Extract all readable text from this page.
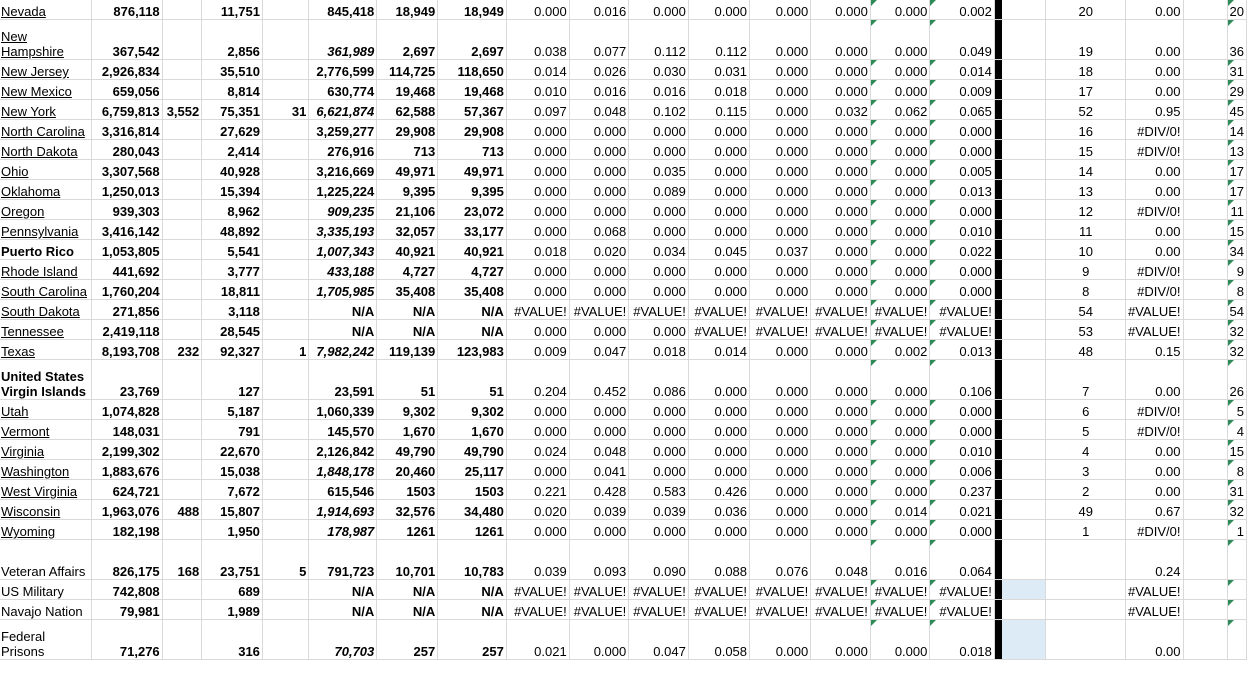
Nevada	876,118		11,751		845,418	18,949	18,949	0.000	0.016	0.000	0.000	0.000	0.000	0.000	0.002			20	0.00		20
New Hampshire	367,542		2,856		361,989	2,697	2,697	0.038	0.077	0.112	0.112	0.000	0.000	0.000	0.049			19	0.00		36
New Jersey	2,926,834		35,510		2,776,599	114,725	118,650	0.014	0.026	0.030	0.031	0.000	0.000	0.000	0.014			18	0.00		31
New Mexico	659,056		8,814		630,774	19,468	19,468	0.010	0.016	0.016	0.018	0.000	0.000	0.000	0.009			17	0.00		29
New York	6,759,813	3,552	75,351	31	6,621,874	62,588	57,367	0.097	0.048	0.102	0.115	0.000	0.032	0.062	0.065			52	0.95		45
North Carolina	3,316,814		27,629		3,259,277	29,908	29,908	0.000	0.000	0.000	0.000	0.000	0.000	0.000	0.000			16	#DIV/0!		14
North Dakota	280,043		2,414		276,916	713	713	0.000	0.000	0.000	0.000	0.000	0.000	0.000	0.000			15	#DIV/0!		13
Ohio	3,307,568		40,928		3,216,669	49,971	49,971	0.000	0.000	0.035	0.000	0.000	0.000	0.000	0.005			14	0.00		17
Oklahoma	1,250,013		15,394		1,225,224	9,395	9,395	0.000	0.000	0.089	0.000	0.000	0.000	0.000	0.013			13	0.00		17
Oregon	939,303		8,962		909,235	21,106	23,072	0.000	0.000	0.000	0.000	0.000	0.000	0.000	0.000			12	#DIV/0!		11
Pennsylvania	3,416,142		48,892		3,335,193	32,057	33,177	0.000	0.068	0.000	0.000	0.000	0.000	0.000	0.010			11	0.00		15
Puerto Rico	1,053,805		5,541		1,007,343	40,921	40,921	0.018	0.020	0.034	0.045	0.037	0.000	0.000	0.022			10	0.00		34
Rhode Island	441,692		3,777		433,188	4,727	4,727	0.000	0.000	0.000	0.000	0.000	0.000	0.000	0.000			9	#DIV/0!		9
South Carolina	1,760,204		18,811		1,705,985	35,408	35,408	0.000	0.000	0.000	0.000	0.000	0.000	0.000	0.000			8	#DIV/0!		8
South Dakota	271,856		3,118		N/A	N/A	N/A	#VALUE!	#VALUE!	#VALUE!	#VALUE!	#VALUE!	#VALUE!	#VALUE!	#VALUE!			54	#VALUE!		54
Tennessee	2,419,118		28,545		N/A	N/A	N/A	0.000	0.000	0.000	#VALUE!	#VALUE!	#VALUE!	#VALUE!	#VALUE!			53	#VALUE!		32
Texas	8,193,708	232	92,327	1	7,982,242	119,139	123,983	0.009	0.047	0.018	0.014	0.000	0.000	0.002	0.013			48	0.15		32
United States Virgin Islands	23,769		127		23,591	51	51	0.204	0.452	0.086	0.000	0.000	0.000	0.000	0.106			7	0.00		26
Utah	1,074,828		5,187		1,060,339	9,302	9,302	0.000	0.000	0.000	0.000	0.000	0.000	0.000	0.000			6	#DIV/0!		5
Vermont	148,031		791		145,570	1,670	1,670	0.000	0.000	0.000	0.000	0.000	0.000	0.000	0.000			5	#DIV/0!		4
Virginia	2,199,302		22,670		2,126,842	49,790	49,790	0.024	0.048	0.000	0.000	0.000	0.000	0.000	0.010			4	0.00		15
Washington	1,883,676		15,038		1,848,178	20,460	25,117	0.000	0.041	0.000	0.000	0.000	0.000	0.000	0.006			3	0.00		8
West Virginia	624,721		7,672		615,546	1503	1503	0.221	0.428	0.583	0.426	0.000	0.000	0.000	0.237			2	0.00		31
Wisconsin	1,963,076	488	15,807		1,914,693	32,576	34,480	0.020	0.039	0.039	0.036	0.000	0.000	0.014	0.021			49	0.67		32
Wyoming	182,198		1,950		178,987	1261	1261	0.000	0.000	0.000	0.000	0.000	0.000	0.000	0.000			1	#DIV/0!		1
Veteran Affairs	826,175	168	23,751	5	791,723	10,701	10,783	0.039	0.093	0.090	0.088	0.076	0.048	0.016	0.064				0.24		
US Military	742,808		689		N/A	N/A	N/A	#VALUE!	#VALUE!	#VALUE!	#VALUE!	#VALUE!	#VALUE!	#VALUE!	#VALUE!				#VALUE!		
Navajo Nation	79,981		1,989		N/A	N/A	N/A	#VALUE!	#VALUE!	#VALUE!	#VALUE!	#VALUE!	#VALUE!	#VALUE!	#VALUE!				#VALUE!		
Federal Prisons	71,276		316		70,703	257	257	0.021	0.000	0.047	0.058	0.000	0.000	0.000	0.018				0.00		
